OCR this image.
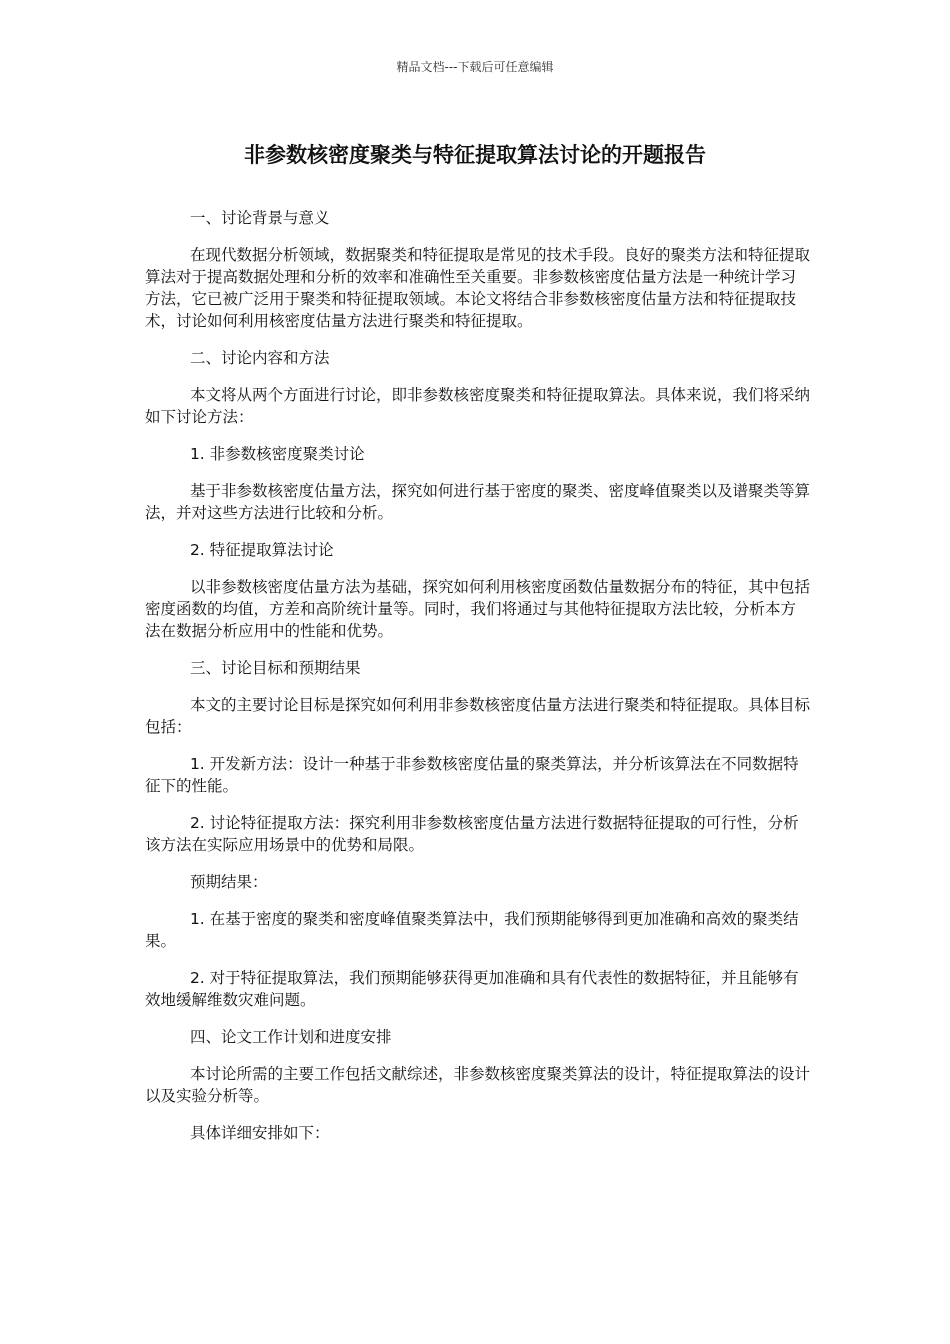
精品文档---下载后可任意编辑
非参数核密度聚类与特征提取算法讨论的开题报告

一、讨论背景与意义

在现代数据分析领域，数据聚类和特征提取是常见的技术手段。良好的聚类方法和特征提取算法对于提高数据处理和分析的效率和准确性至关重要。非参数核密度估量方法是一种统计学习方法，它已被广泛用于聚类和特征提取领域。本论文将结合非参数核密度估量方法和特征提取技术，讨论如何利用核密度估量方法进行聚类和特征提取。

二、讨论内容和方法

本文将从两个方面进行讨论，即非参数核密度聚类和特征提取算法。具体来说，我们将采纳如下讨论方法：

1. 非参数核密度聚类讨论

基于非参数核密度估量方法，探究如何进行基于密度的聚类、密度峰值聚类以及谱聚类等算法，并对这些方法进行比较和分析。

2. 特征提取算法讨论

以非参数核密度估量方法为基础，探究如何利用核密度函数估量数据分布的特征，其中包括密度函数的均值，方差和高阶统计量等。同时，我们将通过与其他特征提取方法比较，分析本方法在数据分析应用中的性能和优势。

三、讨论目标和预期结果

本文的主要讨论目标是探究如何利用非参数核密度估量方法进行聚类和特征提取。具体目标包括：

1. 开发新方法：设计一种基于非参数核密度估量的聚类算法，并分析该算法在不同数据特征下的性能。

2. 讨论特征提取方法：探究利用非参数核密度估量方法进行数据特征提取的可行性，分析该方法在实际应用场景中的优势和局限。

预期结果：

1. 在基于密度的聚类和密度峰值聚类算法中，我们预期能够得到更加准确和高效的聚类结果。

2. 对于特征提取算法，我们预期能够获得更加准确和具有代表性的数据特征，并且能够有效地缓解维数灾难问题。

四、论文工作计划和进度安排

本讨论所需的主要工作包括文献综述，非参数核密度聚类算法的设计，特征提取算法的设计以及实验分析等。

具体详细安排如下：
